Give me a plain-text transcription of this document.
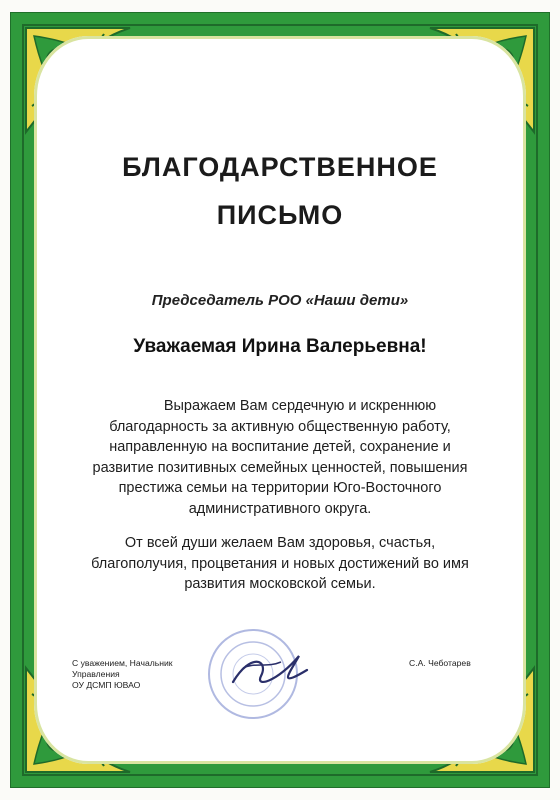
БЛАГОДАРСТВЕННОЕ
ПИСЬМО
Председатель РОО «Наши дети»
Уважаемая Ирина Валерьевна!
Выражаем Вам сердечную и искреннюю благодарность за активную общественную работу, направленную на воспитание детей, сохранение и развитие позитивных семейных ценностей, повышения престижа семьи на территории Юго-Восточного административного округа.
От всей души желаем Вам здоровья, счастья, благополучия, процветания и новых достижений во имя развития московской семьи.
С уважением, Начальник
Управления
ОУ ДСМП ЮВАО
С.А. Чеботарев
